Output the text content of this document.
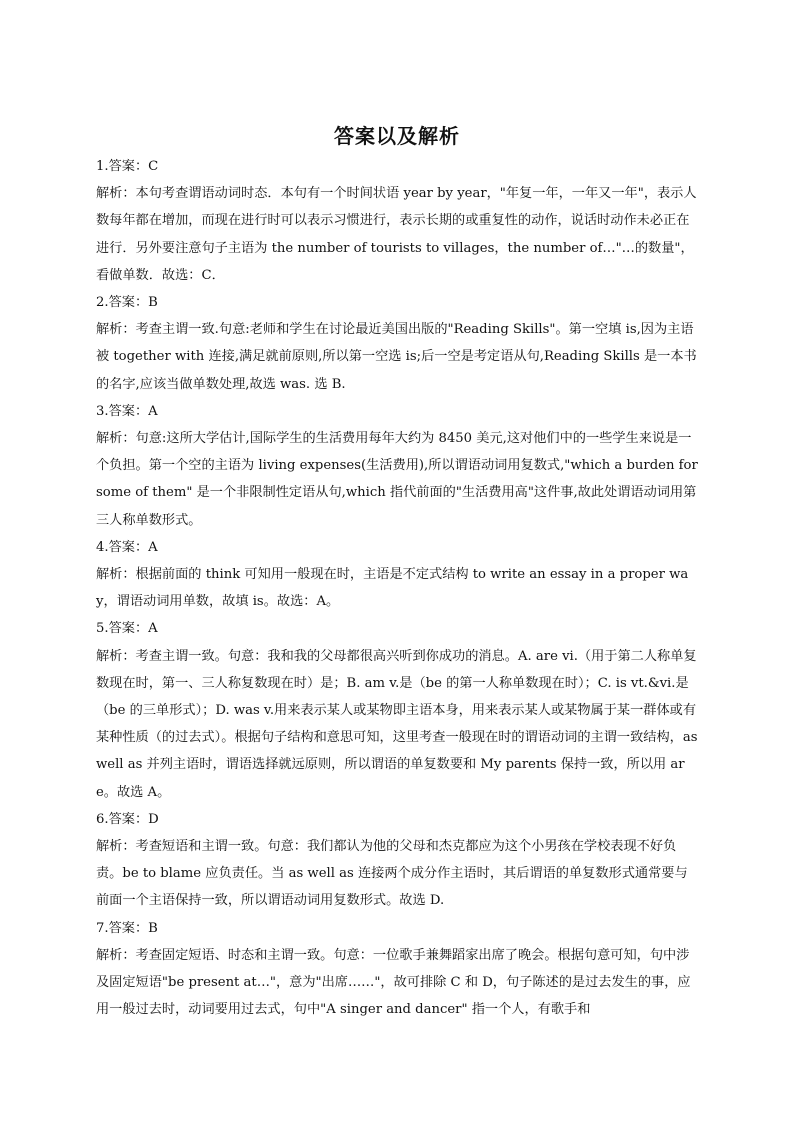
答案以及解析

1.答案：C

解析：本句考查谓语动词时态．本句有一个时间状语 year by year，"年复一年，一年又一年"，表示人数每年都在增加，而现在进行时可以表示习惯进行，表示长期的或重复性的动作，说话时动作未必正在进行．另外要注意句子主语为 the number of tourists to villages，the number of…"…的数量"，看做单数．故选：C．

2.答案：B

解析：考查主谓一致.句意:老师和学生在讨论最近美国出版的"Reading Skills"。第一空填 is,因为主语被 together with 连接,满足就前原则,所以第一空选 is;后一空是考定语从句,Reading Skills 是一本书的名字,应该当做单数处理,故选 was. 选 B.

3.答案：A

解析：句意:这所大学估计,国际学生的生活费用每年大约为 8450 美元,这对他们中的一些学生来说是一个负担。第一个空的主语为 living expenses(生活费用),所以谓语动词用复数式,"which a burden for some of them" 是一个非限制性定语从句,which 指代前面的"生活费用高"这件事,故此处谓语动词用第三人称单数形式。

4.答案：A

解析：根据前面的 think 可知用一般现在时，主语是不定式结构 to write an essay in a proper way，谓语动词用单数，故填 is。故选：A。

5.答案：A

解析：考查主谓一致。句意：我和我的父母都很高兴听到你成功的消息。A. are vi.（用于第二人称单复数现在时，第一、三人称复数现在时）是；B. am v.是（be 的第一人称单数现在时）；C. is vt.&vi.是（be 的三单形式）；D. was v.用来表示某人或某物即主语本身，用来表示某人或某物属于某一群体或有某种性质（的过去式）。根据句子结构和意思可知，这里考查一般现在时的谓语动词的主谓一致结构，as well as 并列主语时，谓语选择就远原则，所以谓语的单复数要和 My parents 保持一致，所以用 are。故选 A。

6.答案：D

解析：考查短语和主谓一致。句意：我们都认为他的父母和杰克都应为这个小男孩在学校表现不好负责。be to blame 应负责任。当 as well as 连接两个成分作主语时，其后谓语的单复数形式通常要与前面一个主语保持一致，所以谓语动词用复数形式。故选 D.

7.答案：B

解析：考查固定短语、时态和主谓一致。句意：一位歌手兼舞蹈家出席了晚会。根据句意可知，句中涉及固定短语"be present at…"，意为"出席……"，故可排除 C 和 D，句子陈述的是过去发生的事，应用一般过去时，动词要用过去式，句中"A singer and dancer" 指一个人，有歌手和
